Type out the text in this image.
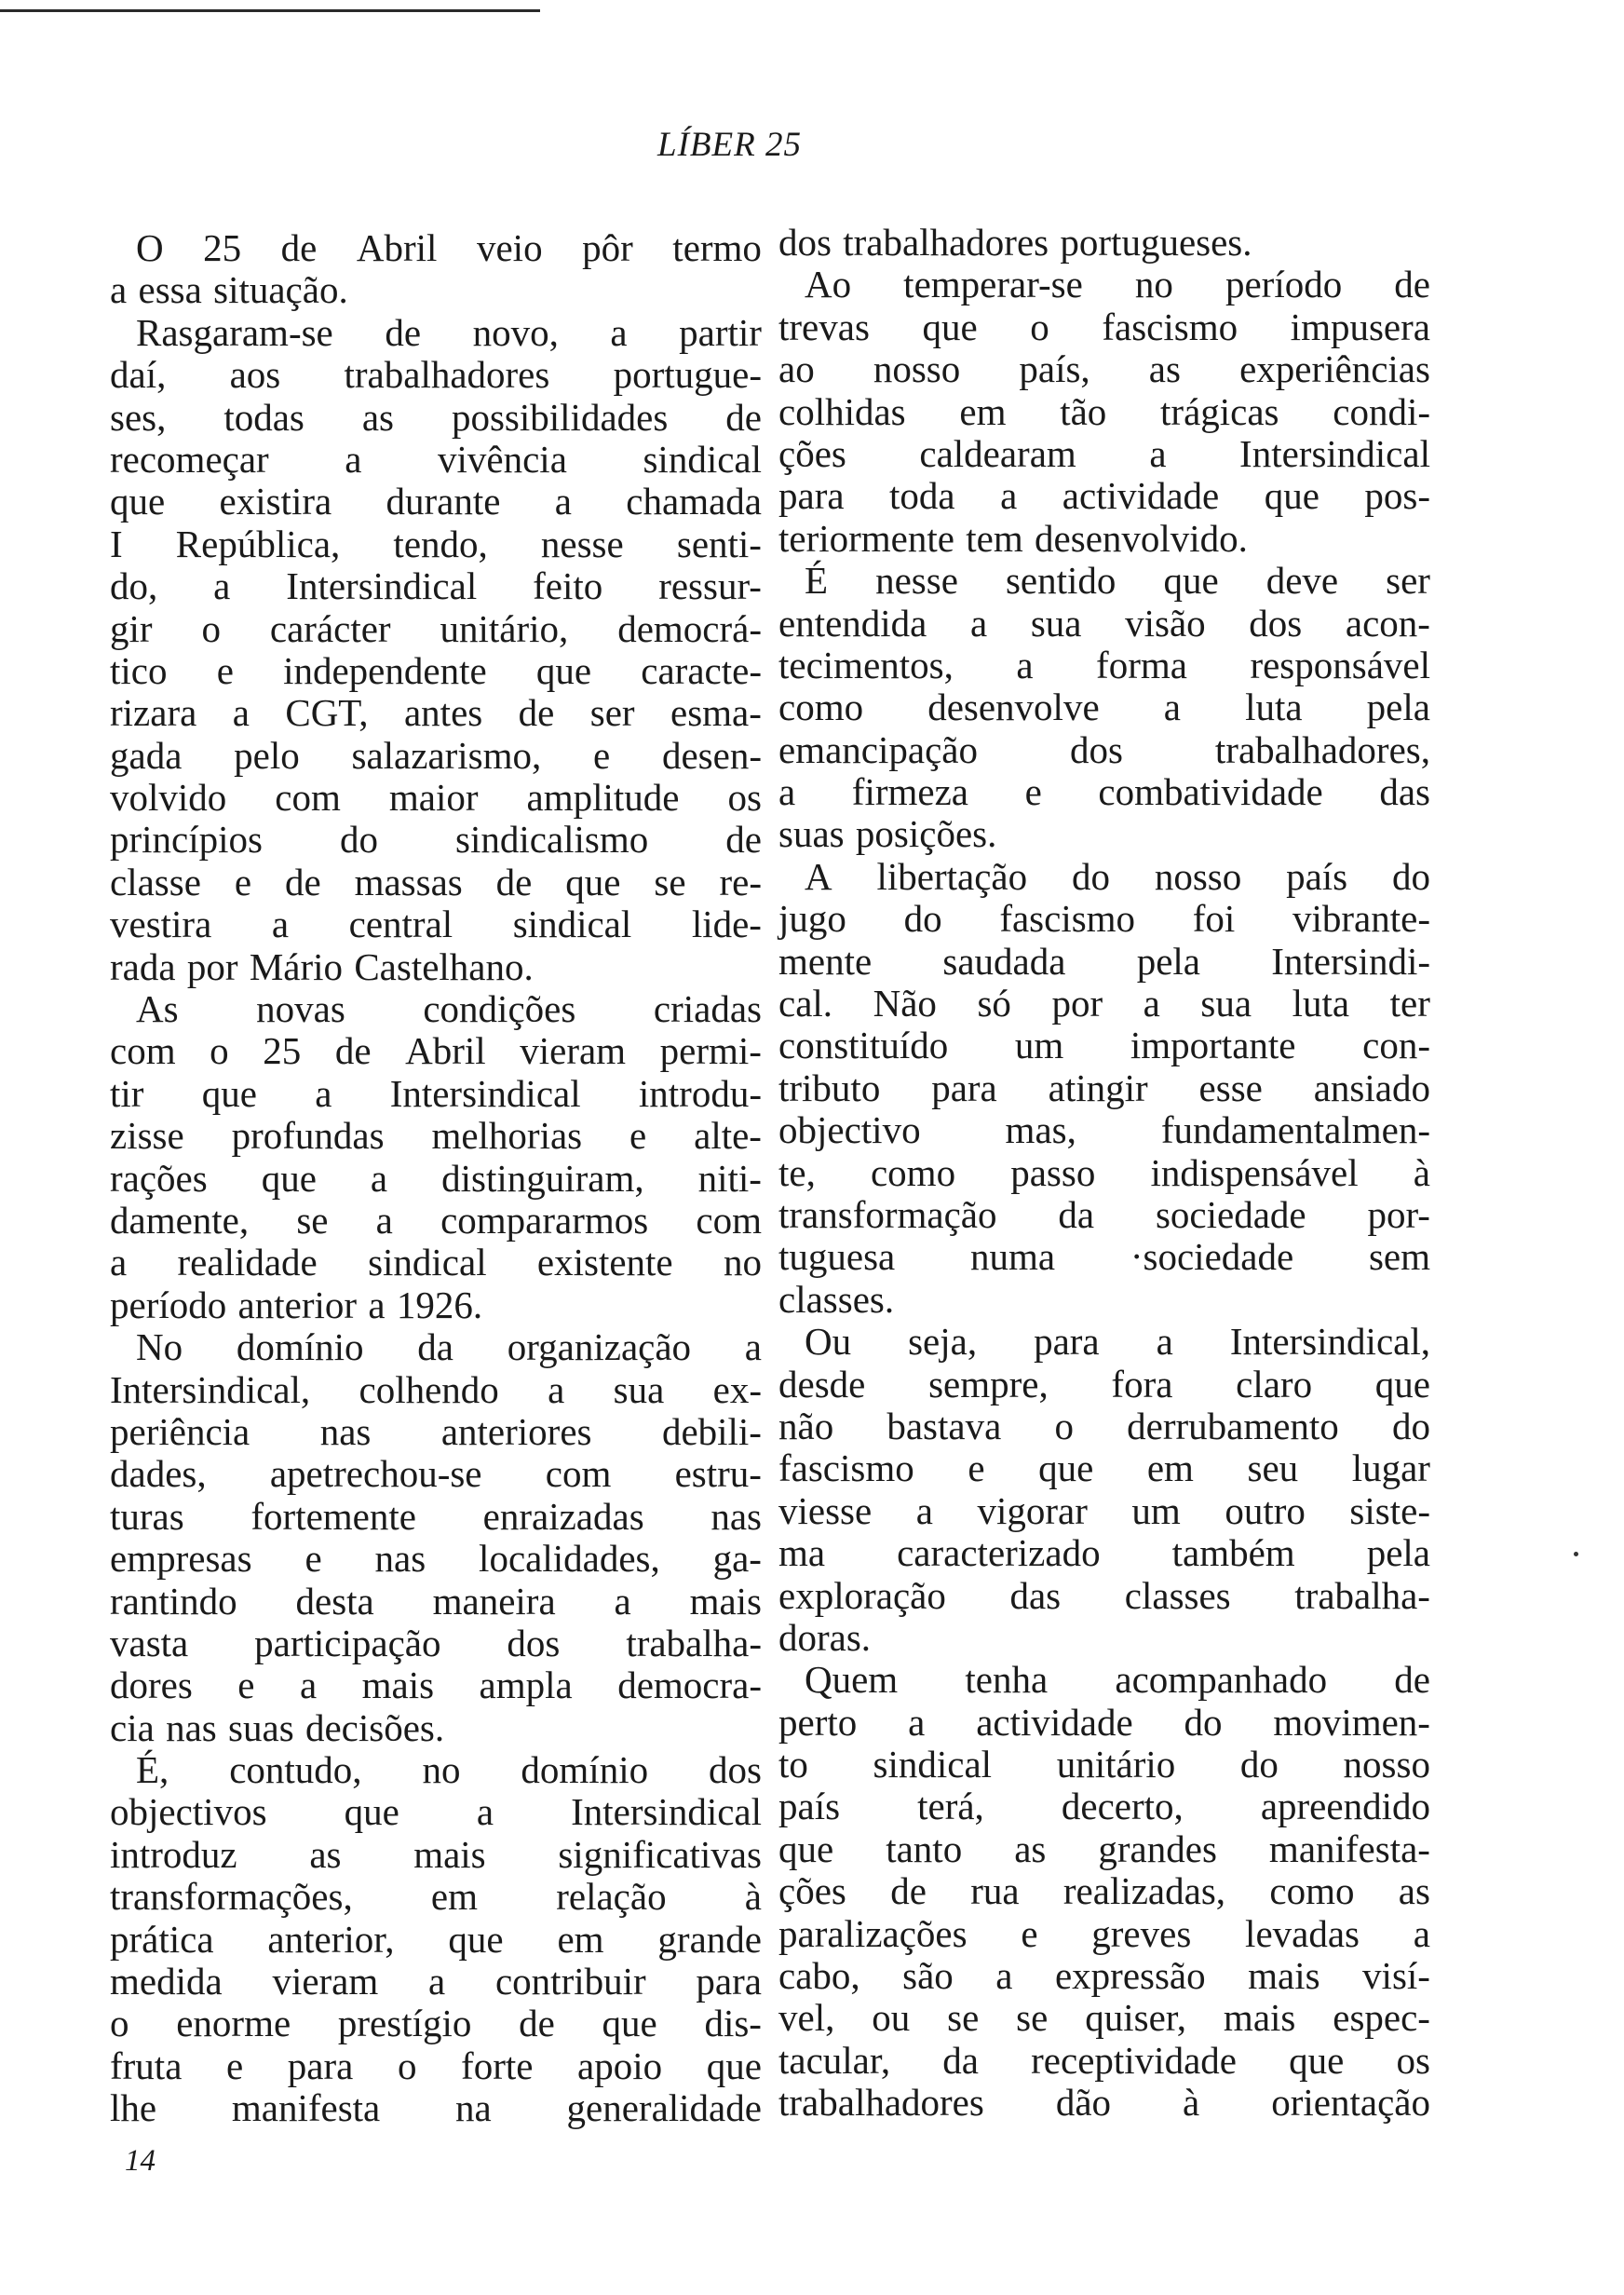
LÍBER 25
O 25 de Abril veio pôr termo
a essa situação.
Rasgaram-se de novo, a partir
daí, aos trabalhadores portugue-
ses, todas as possibilidades de
recomeçar a vivência sindical
que existira durante a chamada
I República, tendo, nesse senti-
do, a Intersindical feito ressur-
gir o carácter unitário, democrá-
tico e independente que caracte-
rizara a CGT, antes de ser esma-
gada pelo salazarismo, e desen-
volvido com maior amplitude os
princípios do sindicalismo de
classe e de massas de que se re-
vestira a central sindical lide-
rada por Mário Castelhano.
As novas condições criadas
com o 25 de Abril vieram permi-
tir que a Intersindical introdu-
zisse profundas melhorias e alte-
rações que a distinguiram, niti-
damente, se a compararmos com
a realidade sindical existente no
período anterior a 1926.
No domínio da organização a
Intersindical, colhendo a sua ex-
periência nas anteriores debili-
dades, apetrechou-se com estru-
turas fortemente enraizadas nas
empresas e nas localidades, ga-
rantindo desta maneira a mais
vasta participação dos trabalha-
dores e a mais ampla democra-
cia nas suas decisões.
É, contudo, no domínio dos
objectivos que a Intersindical
introduz as mais significativas
transformações, em relação à
prática anterior, que em grande
medida vieram a contribuir para
o enorme prestígio de que dis-
fruta e para o forte apoio que
lhe manifesta na generalidade
dos trabalhadores portugueses.
Ao temperar-se no período de
trevas que o fascismo impusera
ao nosso país, as experiências
colhidas em tão trágicas condi-
ções caldearam a Intersindical
para toda a actividade que pos-
teriormente tem desenvolvido.
É nesse sentido que deve ser
entendida a sua visão dos acon-
tecimentos, a forma responsável
como desenvolve a luta pela
emancipação dos trabalhadores,
a firmeza e combatividade das
suas posições.
A libertação do nosso país do
jugo do fascismo foi vibrante-
mente saudada pela Intersindi-
cal. Não só por a sua luta ter
constituído um importante con-
tributo para atingir esse ansiado
objectivo mas, fundamentalmen-
te, como passo indispensável à
transformação da sociedade por-
tuguesa numa ·sociedade sem
classes.
Ou seja, para a Intersindical,
desde sempre, fora claro que
não bastava o derrubamento do
fascismo e que em seu lugar
viesse a vigorar um outro siste-
ma caracterizado também pela
exploração das classes trabalha-
doras.
Quem tenha acompanhado de
perto a actividade do movimen-
to sindical unitário do nosso
país terá, decerto, apreendido
que tanto as grandes manifesta-
ções de rua realizadas, como as
paralizações e greves levadas a
cabo, são a expressão mais visí-
vel, ou se se quiser, mais espec-
tacular, da receptividade que os
trabalhadores dão à orientação
14
